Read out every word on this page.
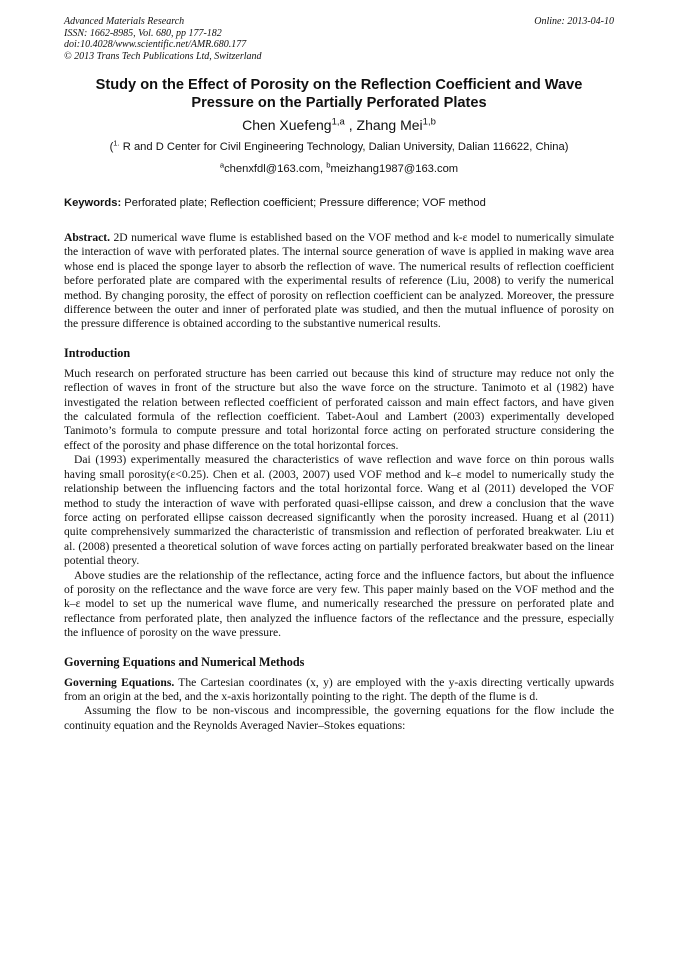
Advanced Materials Research
ISSN: 1662-8985, Vol. 680, pp 177-182
doi:10.4028/www.scientific.net/AMR.680.177
© 2013 Trans Tech Publications Ltd, Switzerland
Online: 2013-04-10
Study on the Effect of Porosity on the Reflection Coefficient and Wave Pressure on the Partially Perforated Plates
Chen Xuefeng$^{1,a}$ , Zhang Mei$^{1,b}$
($^{1.}$ R and D Center for Civil Engineering Technology, Dalian University, Dalian 116622, China)
$^a$chenxfdl@163.com, $^b$meizhang1987@163.com
Keywords: Perforated plate; Reflection coefficient; Pressure difference; VOF method

Abstract. 2D numerical wave flume is established based on the VOF method and k-ε model to numerically simulate the interaction of wave with perforated plates. The internal source generation of wave is applied in making wave area whose end is placed the sponge layer to absorb the reflection of wave. The numerical results of reflection coefficient before perforated plate are compared with the experimental results of reference (Liu, 2008) to verify the numerical method. By changing porosity, the effect of porosity on reflection coefficient can be analyzed. Moreover, the pressure difference between the outer and inner of perforated plate was studied, and then the mutual influence of porosity on the pressure difference is obtained according to the substantive numerical results.

Introduction

Much research on perforated structure has been carried out because this kind of structure may reduce not only the reflection of waves in front of the structure but also the wave force on the structure. Tanimoto et al (1982) have investigated the relation between reflected coefficient of perforated caisson and main effect factors, and have given the calculated formula of the reflection coefficient. Tabet-Aoul and Lambert (2003) experimentally developed Tanimoto’s formula to compute pressure and total horizontal force acting on perforated structure considering the effect of the porosity and phase difference on the total horizontal forces.

Dai (1993) experimentally measured the characteristics of wave reflection and wave force on thin porous walls having small porosity(ε<0.25). Chen et al. (2003, 2007) used VOF method and k–ε model to numerically study the relationship between the influencing factors and the total horizontal force. Wang et al (2011) developed the VOF method to study the interaction of wave with perforated quasi-ellipse caisson, and drew a conclusion that the wave force acting on perforated ellipse caisson decreased significantly when the porosity increased. Huang et al (2011) quite comprehensively summarized the characteristic of transmission and reflection of perforated breakwater. Liu et al. (2008) presented a theoretical solution of wave forces acting on partially perforated breakwater based on the linear potential theory.

Above studies are the relationship of the reflectance, acting force and the influence factors, but about the influence of porosity on the reflectance and the wave force are very few. This paper mainly based on the VOF method and the k–ε model to set up the numerical wave flume, and numerically researched the pressure on perforated plate and reflectance from perforated plate, then analyzed the influence factors of the reflectance and the pressure, especially the influence of porosity on the wave pressure.

Governing Equations and Numerical Methods

Governing Equations. The Cartesian coordinates (x, y) are employed with the y-axis directing vertically upwards from an origin at the bed, and the x-axis horizontally pointing to the right. The depth of the flume is d.

Assuming the flow to be non-viscous and incompressible, the governing equations for the flow include the continuity equation and the Reynolds Averaged Navier–Stokes equations:
